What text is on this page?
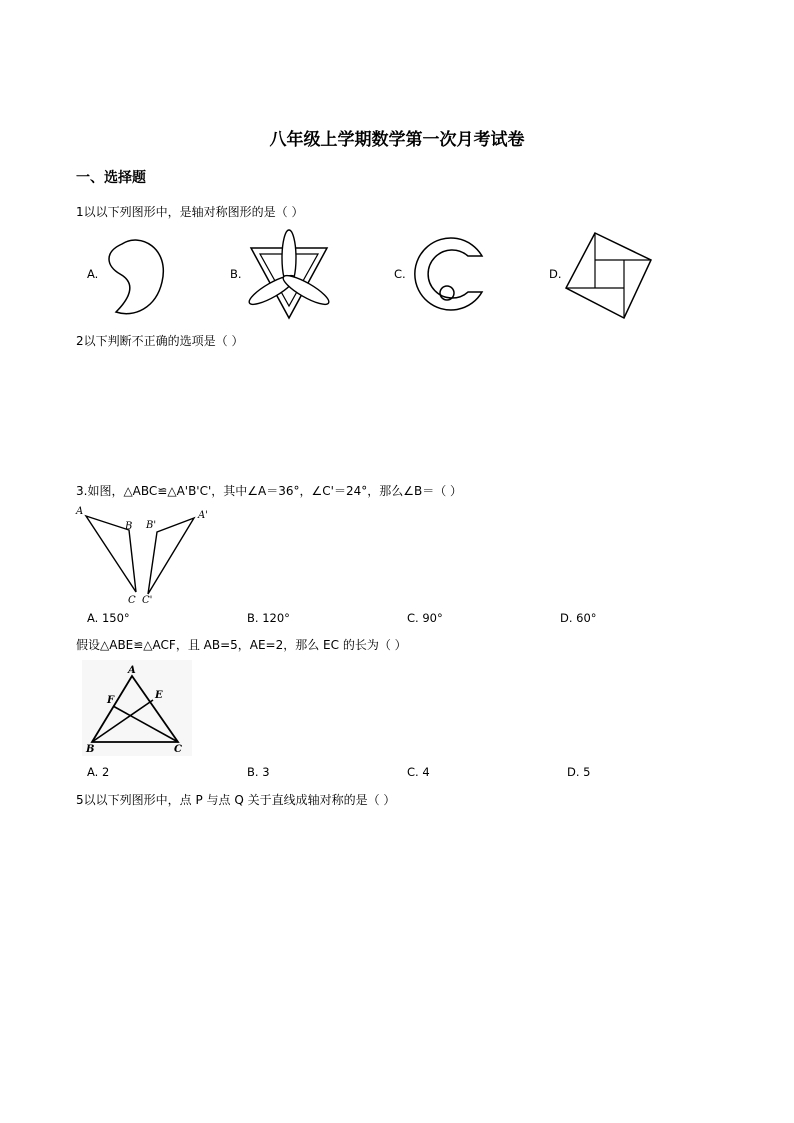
八年级上学期数学第一次月考试卷
一、选择题
1以以下列图形中，是轴对称图形的是（ ）
A.	B.	C.	D.
2以下判断不正确的选项是（ ）
3.如图，△ABC≌△A'B'C'，其中∠A＝36°，∠C'＝24°，那么∠B＝（ ）
A
B
C
A'
B'
C'
A. 150°	B. 120°	C. 90°	D. 60°
假设△ABE≌△ACF，且 AB=5，AE=2，那么 EC 的长为（ ）
A
F	E
B	C
A. 2	B. 3	C. 4	D. 5
5以以下列图形中，点 P 与点 Q 关于直线成轴对称的是（ ）
